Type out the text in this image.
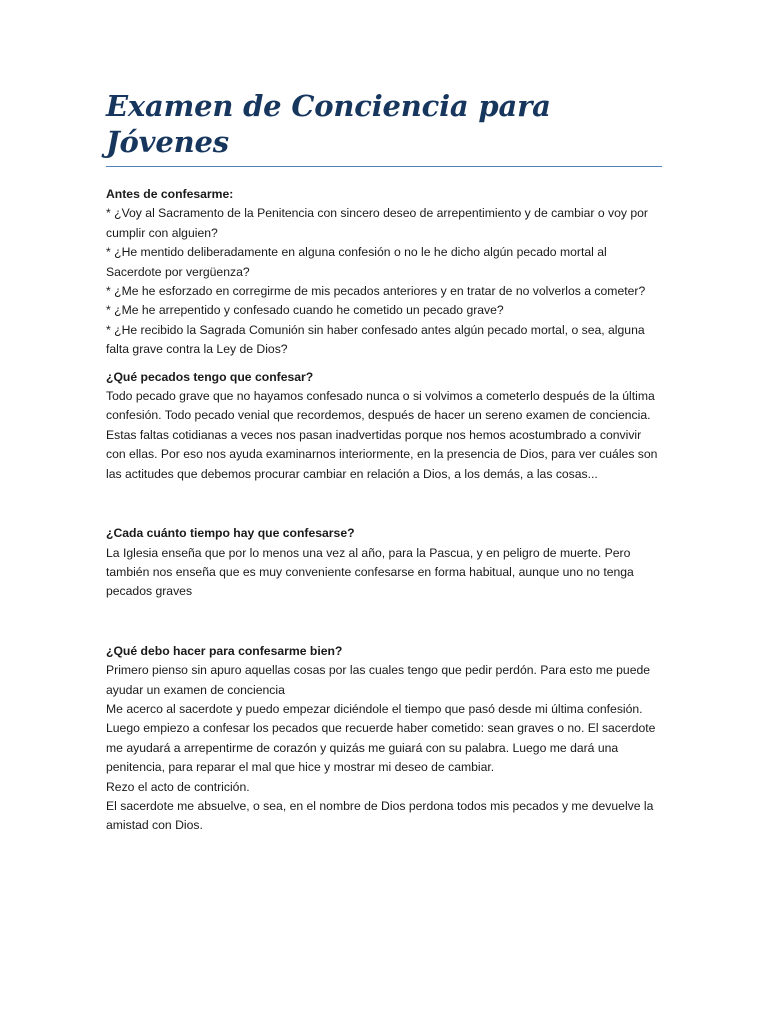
Examen de Conciencia para Jóvenes

Antes de confesarme:

* ¿Voy al Sacramento de la Penitencia con sincero deseo de arrepentimiento y de cambiar o voy por cumplir con alguien?

* ¿He mentido deliberadamente en alguna confesión o no le he dicho algún pecado mortal al Sacerdote por vergüenza?

* ¿Me he esforzado en corregirme de mis pecados anteriores y en tratar de no volverlos a cometer?

* ¿Me he arrepentido y confesado cuando he cometido un pecado grave?

* ¿He recibido la Sagrada Comunión sin haber confesado antes algún pecado mortal, o sea, alguna falta grave contra la Ley de Dios?

¿Qué pecados tengo que confesar?

Todo pecado grave que no hayamos confesado nunca o si volvimos a cometerlo después de la última confesión. Todo pecado venial que recordemos, después de hacer un sereno examen de conciencia. Estas faltas cotidianas a veces nos pasan inadvertidas porque nos hemos acostumbrado a convivir con ellas. Por eso nos ayuda examinarnos interiormente, en la presencia de Dios, para ver cuáles son las actitudes que debemos procurar cambiar en relación a Dios, a los demás, a las cosas...

¿Cada cuánto tiempo hay que confesarse?

La Iglesia enseña que por lo menos una vez al año, para la Pascua, y en peligro de muerte. Pero también nos enseña que es muy conveniente confesarse en forma habitual, aunque uno no tenga pecados graves

¿Qué debo hacer para confesarme bien?

Primero pienso sin apuro aquellas cosas por las cuales tengo que pedir perdón. Para esto me puede ayudar un examen de conciencia

Me acerco al sacerdote y puedo empezar diciéndole el tiempo que pasó desde mi última confesión. Luego empiezo a confesar los pecados que recuerde haber cometido: sean graves o no. El sacerdote me ayudará a arrepentirme de corazón y quizás me guiará con su palabra. Luego me dará una penitencia, para reparar el mal que hice y mostrar mi deseo de cambiar.

Rezo el acto de contrición.

El sacerdote me absuelve, o sea, en el nombre de Dios perdona todos mis pecados y me devuelve la amistad con Dios.
